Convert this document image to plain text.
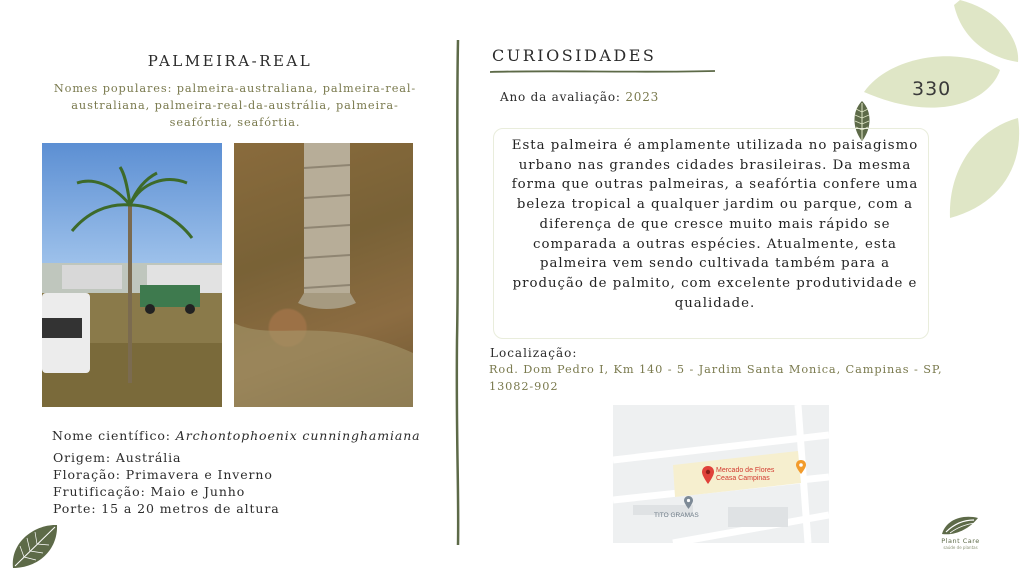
PALMEIRA-REAL
Nomes populares: palmeira-australiana, palmeira-real-australiana, palmeira-real-da-austrália, palmeira-seafórtia, seafórtia.
Nome científico: Archontophoenix cunninghamiana
Origem: Austrália
Floração: Primavera e Inverno
Frutificação: Maio e Junho
Porte: 15 a 20 metros de altura
CURIOSIDADES
Ano da avaliação: 2023
Esta palmeira é amplamente utilizada no paisagismo urbano nas grandes cidades brasileiras. Da mesma forma que outras palmeiras, a seafórtia confere uma beleza tropical a qualquer jardim ou parque, com a diferença de que cresce muito mais rápido se comparada a outras espécies. Atualmente, esta palmeira vem sendo cultivada também para a produção de palmito, com excelente produtividade e qualidade.
Localização:
Rod. Dom Pedro I, Km 140 - 5 - Jardim Santa Monica, Campinas - SP, 13082-902
Mercado de Flores
Ceasa Campinas
TITO GRAMAS
330
Plant Care
saúde de plantas
